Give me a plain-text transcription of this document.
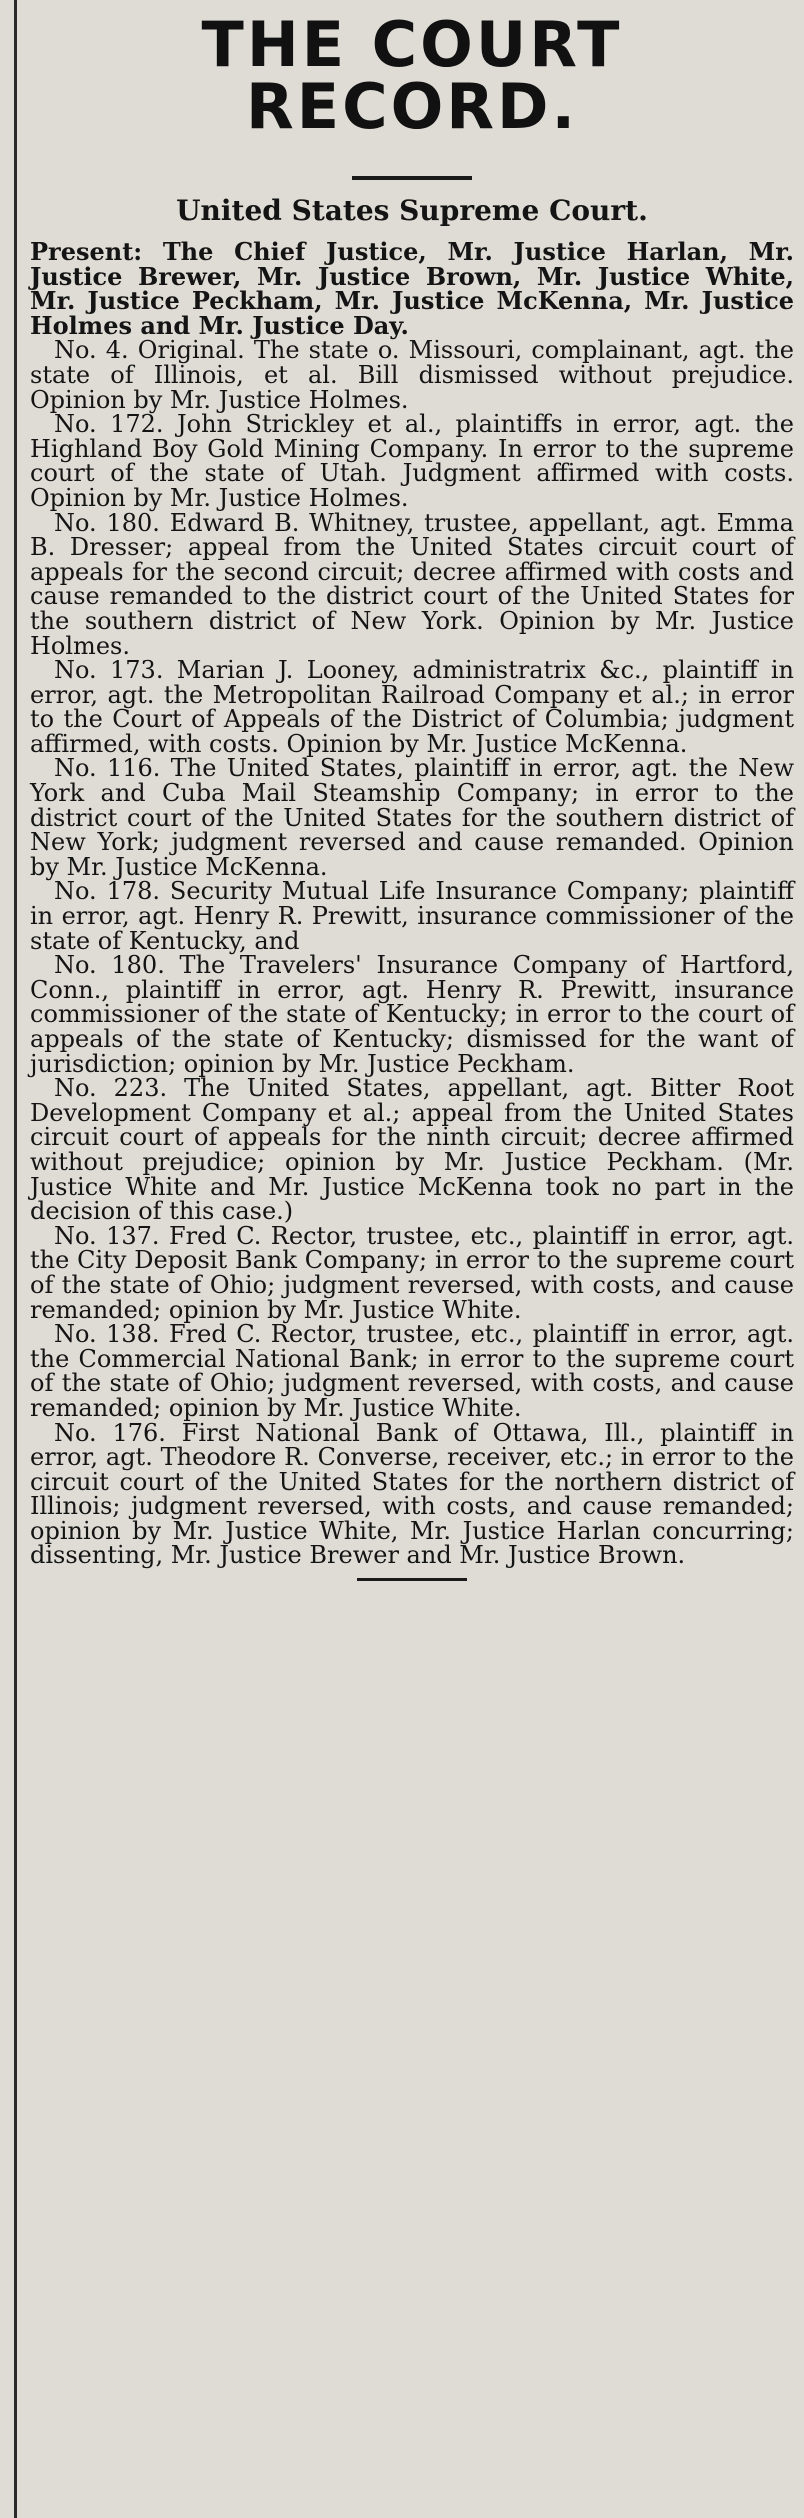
THE COURT RECORD.
United States Supreme Court.

Present: The Chief Justice, Mr. Justice Harlan, Mr. Justice Brewer, Mr. Justice Brown, Mr. Justice White, Mr. Justice Peckham, Mr. Justice McKenna, Mr. Justice Holmes and Mr. Justice Day.

No. 4. Original. The state o. Missouri, complainant, agt. the state of Illinois, et al. Bill dismissed without prejudice. Opinion by Mr. Justice Holmes.

No. 172. John Strickley et al., plaintiffs in error, agt. the Highland Boy Gold Mining Company. In error to the supreme court of the state of Utah. Judgment affirmed with costs. Opinion by Mr. Justice Holmes.

No. 180. Edward B. Whitney, trustee, appellant, agt. Emma B. Dresser; appeal from the United States circuit court of appeals for the second circuit; decree affirmed with costs and cause remanded to the district court of the United States for the southern district of New York. Opinion by Mr. Justice Holmes.

No. 173. Marian J. Looney, administratrix &c., plaintiff in error, agt. the Metropolitan Railroad Company et al.; in error to the Court of Appeals of the District of Columbia; judgment affirmed, with costs. Opinion by Mr. Justice McKenna.

No. 116. The United States, plaintiff in error, agt. the New York and Cuba Mail Steamship Company; in error to the district court of the United States for the southern district of New York; judgment reversed and cause remanded. Opinion by Mr. Justice McKenna.

No. 178. Security Mutual Life Insurance Company; plaintiff in error, agt. Henry R. Prewitt, insurance commissioner of the state of Kentucky, and

No. 180. The Travelers' Insurance Company of Hartford, Conn., plaintiff in error, agt. Henry R. Prewitt, insurance commissioner of the state of Kentucky; in error to the court of appeals of the state of Kentucky; dismissed for the want of jurisdiction; opinion by Mr. Justice Peckham.

No. 223. The United States, appellant, agt. Bitter Root Development Company et al.; appeal from the United States circuit court of appeals for the ninth circuit; decree affirmed without prejudice; opinion by Mr. Justice Peckham. (Mr. Justice White and Mr. Justice McKenna took no part in the decision of this case.)

No. 137. Fred C. Rector, trustee, etc., plaintiff in error, agt. the City Deposit Bank Company; in error to the supreme court of the state of Ohio; judgment reversed, with costs, and cause remanded; opinion by Mr. Justice White.

No. 138. Fred C. Rector, trustee, etc., plaintiff in error, agt. the Commercial National Bank; in error to the supreme court of the state of Ohio; judgment reversed, with costs, and cause remanded; opinion by Mr. Justice White.

No. 176. First National Bank of Ottawa, Ill., plaintiff in error, agt. Theodore R. Converse, receiver, etc.; in error to the circuit court of the United States for the northern district of Illinois; judgment reversed, with costs, and cause remanded; opinion by Mr. Justice White, Mr. Justice Harlan concurring; dissenting, Mr. Justice Brewer and Mr. Justice Brown.
